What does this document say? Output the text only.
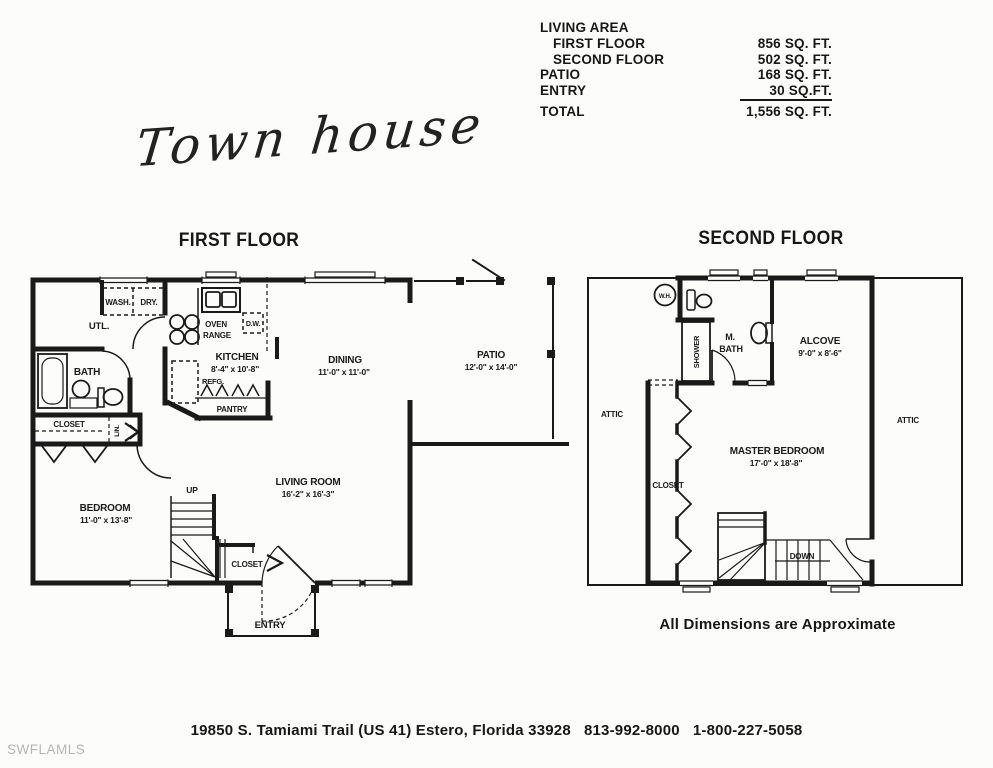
LIVING AREA
FIRST FLOOR	856 SQ. FT.
SECOND FLOOR	502 SQ. FT.
PATIO	168 SQ. FT.
ENTRY	30 SQ.FT.
TOTAL	1,556 SQ. FT.
Town house
FIRST FLOOR	SECOND FLOOR
WASH. DRY.
UTL.	OVEN
RANGE
D.W.
KITCHEN
8'-4" x 10'-8"
REFG.
PANTRY
DINING
11'-0" x 11'-0"
PATIO
12'-0" x 14'-0"
LIVING ROOM
16'-2" x 16'-3"
BATH
CLOSET
LIN.
BEDROOM
11'-0" x 13'-8"
UP
CLOSET
ENTRY
W.H.
SHOWER	M.
BATH
ALCOVE
9'-0" x 8'-6"
ATTIC
ATTIC
MASTER BEDROOM
17'-0" x 18'-8"
CLOSET
DOWN
All Dimensions are Approximate
19850 S. Tamiami Trail (US 41) Estero, Florida 33928   813-992-8000   1-800-227-5058
SWFLAMLS
